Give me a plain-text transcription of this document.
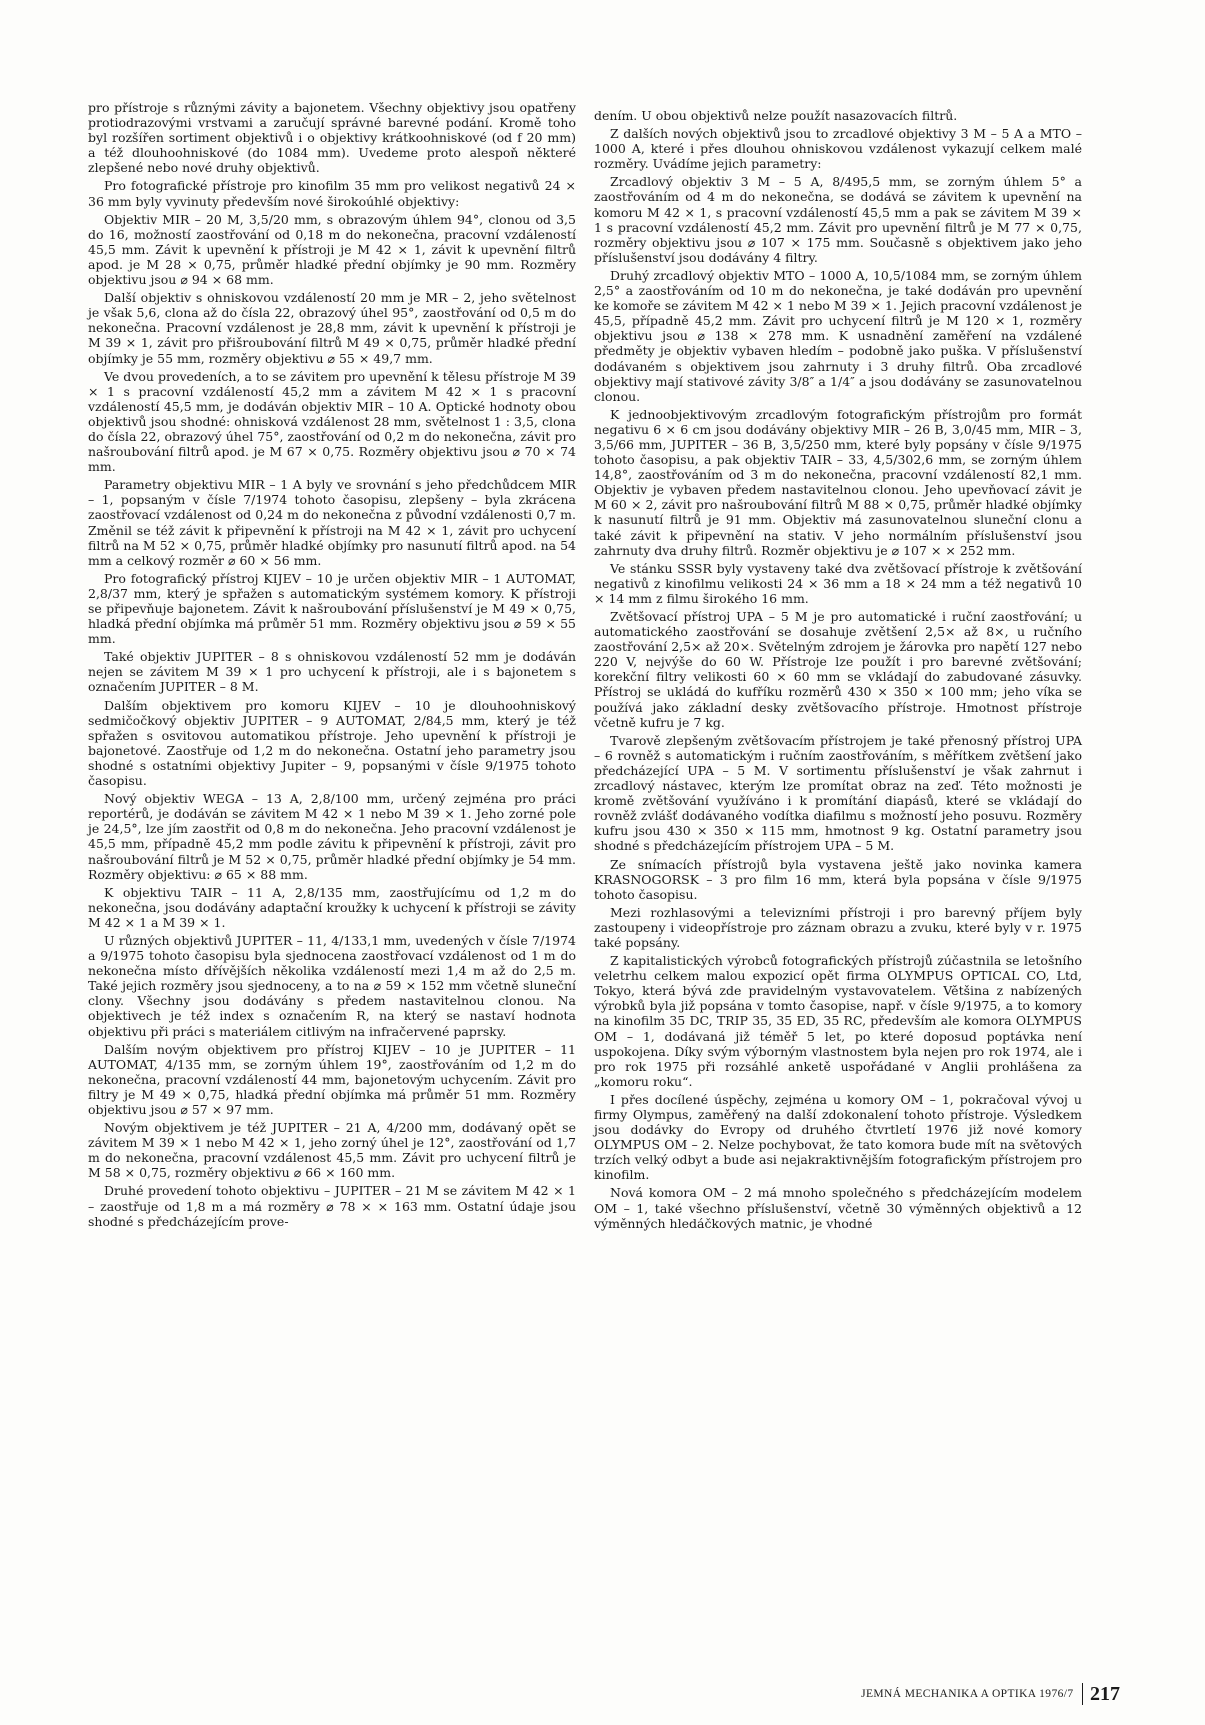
pro přístroje s různými závity a bajonetem. Všechny objektivy jsou opatřeny protiodrazovými vrstvami a zaručují správné barevné podání. Kromě toho byl rozšířen sortiment objektivů i o objektivy krátkoohniskové (od f 20 mm) a též dlouhoohniskové (do 1084 mm). Uvedeme proto alespoň některé zlepšené nebo nové druhy objektivů.

Pro fotografické přístroje pro kinofilm 35 mm pro velikost negativů 24 × 36 mm byly vyvinuty především nové širokoúhlé objektivy:

Objektiv MIR – 20 M, 3,5/20 mm, s obrazovým úhlem 94°, clonou od 3,5 do 16, možností zaostřování od 0,18 m do nekonečna, pracovní vzdáleností 45,5 mm. Závit k upevnění k přístroji je M 42 × 1, závit k upevnění filtrů apod. je M 28 × 0,75, průměr hladké přední objímky je 90 mm. Rozměry objektivu jsou ⌀ 94 × 68 mm.

Další objektiv s ohniskovou vzdáleností 20 mm je MR – 2, jeho světelnost je však 5,6, clona až do čísla 22, obrazový úhel 95°, zaostřování od 0,5 m do nekonečna. Pracovní vzdálenost je 28,8 mm, závit k upevnění k přístroji je M 39 × 1, závit pro přišroubování filtrů M 49 × 0,75, průměr hladké přední objímky je 55 mm, rozměry objektivu ⌀ 55 × 49,7 mm.

Ve dvou provedeních, a to se závitem pro upevnění k tělesu přístroje M 39 × 1 s pracovní vzdáleností 45,2 mm a závitem M 42 × 1 s pracovní vzdáleností 45,5 mm, je dodáván objektiv MIR – 10 A. Optické hodnoty obou objektivů jsou shodné: ohnisková vzdálenost 28 mm, světelnost 1 : 3,5, clona do čísla 22, obrazový úhel 75°, zaostřování od 0,2 m do nekonečna, závit pro našroubování filtrů apod. je M 67 × 0,75. Rozměry objektivu jsou ⌀ 70 × 74 mm.

Parametry objektivu MIR – 1 A byly ve srovnání s jeho předchůdcem MIR – 1, popsaným v čísle 7/1974 tohoto časopisu, zlepšeny – byla zkrácena zaostřovací vzdálenost od 0,24 m do nekonečna z původní vzdálenosti 0,7 m. Změnil se též závit k připevnění k přístroji na M 42 × 1, závit pro uchycení filtrů na M 52 × 0,75, průměr hladké objímky pro nasunutí filtrů apod. na 54 mm a celkový rozměr ⌀ 60 × 56 mm.

Pro fotografický přístroj KIJEV – 10 je určen objektiv MIR – 1 AUTOMAT, 2,8/37 mm, který je spřažen s automatickým systémem komory. K přístroji se připevňuje bajonetem. Závit k našroubování příslušenství je M 49 × 0,75, hladká přední objímka má průměr 51 mm. Rozměry objektivu jsou ⌀ 59 × 55 mm.

Také objektiv JUPITER – 8 s ohniskovou vzdáleností 52 mm je dodáván nejen se závitem M 39 × 1 pro uchycení k přístroji, ale i s bajonetem s označením JUPITER – 8 M.

Dalším objektivem pro komoru KIJEV – 10 je dlouhoohniskový sedmičočkový objektiv JUPITER – 9 AUTOMAT, 2/84,5 mm, který je též spřažen s osvitovou automatikou přístroje. Jeho upevnění k přístroji je bajonetové. Zaostřuje od 1,2 m do nekonečna. Ostatní jeho parametry jsou shodné s ostatními objektivy Jupiter – 9, popsanými v čísle 9/1975 tohoto časopisu.

Nový objektiv WEGA – 13 A, 2,8/100 mm, určený zejména pro práci reportérů, je dodáván se závitem M 42 × 1 nebo M 39 × 1. Jeho zorné pole je 24,5°, lze jím zaostřit od 0,8 m do nekonečna. Jeho pracovní vzdálenost je 45,5 mm, případně 45,2 mm podle závitu k připevnění k přístroji, závit pro našroubování filtrů je M 52 × 0,75, průměr hladké přední objímky je 54 mm. Rozměry objektivu: ⌀ 65 × 88 mm.

K objektivu TAIR – 11 A, 2,8/135 mm, zaostřujícímu od 1,2 m do nekonečna, jsou dodávány adaptační kroužky k uchycení k přístroji se závity M 42 × 1 a M 39 × 1.

U různých objektivů JUPITER – 11, 4/133,1 mm, uvedených v čísle 7/1974 a 9/1975 tohoto časopisu byla sjednocena zaostřovací vzdálenost od 1 m do nekonečna místo dřívějších několika vzdáleností mezi 1,4 m až do 2,5 m. Také jejich rozměry jsou sjednoceny, a to na ⌀ 59 × 152 mm včetně sluneční clony. Všechny jsou dodávány s předem nastavitelnou clonou. Na objektivech je též index s označením R, na který se nastaví hodnota objektivu při práci s materiálem citlivým na infračervené paprsky.

Dalším novým objektivem pro přístroj KIJEV – 10 je JUPITER – 11 AUTOMAT, 4/135 mm, se zorným úhlem 19°, zaostřováním od 1,2 m do nekonečna, pracovní vzdáleností 44 mm, bajonetovým uchycením. Závit pro filtry je M 49 × 0,75, hladká přední objímka má průměr 51 mm. Rozměry objektivu jsou ⌀ 57 × 97 mm.

Novým objektivem je též JUPITER – 21 A, 4/200 mm, dodávaný opět se závitem M 39 × 1 nebo M 42 × 1, jeho zorný úhel je 12°, zaostřování od 1,7 m do nekonečna, pracovní vzdálenost 45,5 mm. Závit pro uchycení filtrů je M 58 × 0,75, rozměry objektivu ⌀ 66 × 160 mm.

Druhé provedení tohoto objektivu – JUPITER – 21 M se závitem M 42 × 1 – zaostřuje od 1,8 m a má rozměry ⌀ 78 × × 163 mm. Ostatní údaje jsou shodné s předcházejícím prove-

dením. U obou objektivů nelze použít nasazovacích filtrů.

Z dalších nových objektivů jsou to zrcadlové objektivy 3 M – 5 A a MTO – 1000 A, které i přes dlouhou ohniskovou vzdálenost vykazují celkem malé rozměry. Uvádíme jejich parametry:

Zrcadlový objektiv 3 M – 5 A, 8/495,5 mm, se zorným úhlem 5° a zaostřováním od 4 m do nekonečna, se dodává se závitem k upevnění na komoru M 42 × 1, s pracovní vzdáleností 45,5 mm a pak se závitem M 39 × 1 s pracovní vzdáleností 45,2 mm. Závit pro upevnění filtrů je M 77 × 0,75, rozměry objektivu jsou ⌀ 107 × 175 mm. Současně s objektivem jako jeho příslušenství jsou dodávány 4 filtry.

Druhý zrcadlový objektiv MTO – 1000 A, 10,5/1084 mm, se zorným úhlem 2,5° a zaostřováním od 10 m do nekonečna, je také dodáván pro upevnění ke komoře se závitem M 42 × 1 nebo M 39 × 1. Jejich pracovní vzdálenost je 45,5, případně 45,2 mm. Závit pro uchycení filtrů je M 120 × 1, rozměry objektivu jsou ⌀ 138 × 278 mm. K usnadnění zaměření na vzdálené předměty je objektiv vybaven hledím – podobně jako puška. V příslušenství dodávaném s objektivem jsou zahrnuty i 3 druhy filtrů. Oba zrcadlové objektivy mají stativové závity 3/8″ a 1/4″ a jsou dodávány se zasunovatelnou clonou.

K jednoobjektivovým zrcadlovým fotografickým přístrojům pro formát negativu 6 × 6 cm jsou dodávány objektivy MIR – 26 B, 3,0/45 mm, MIR – 3, 3,5/66 mm, JUPITER – 36 B, 3,5/250 mm, které byly popsány v čísle 9/1975 tohoto časopisu, a pak objektiv TAIR – 33, 4,5/302,6 mm, se zorným úhlem 14,8°, zaostřováním od 3 m do nekonečna, pracovní vzdáleností 82,1 mm. Objektiv je vybaven předem nastavitelnou clonou. Jeho upevňovací závit je M 60 × 2, závit pro našroubování filtrů M 88 × 0,75, průměr hladké objímky k nasunutí filtrů je 91 mm. Objektiv má zasunovatelnou sluneční clonu a také závit k připevnění na stativ. V jeho normálním příslušenství jsou zahrnuty dva druhy filtrů. Rozměr objektivu je ⌀ 107 × × 252 mm.

Ve stánku SSSR byly vystaveny také dva zvětšovací přístroje k zvětšování negativů z kinofilmu velikosti 24 × 36 mm a 18 × 24 mm a též negativů 10 × 14 mm z filmu širokého 16 mm.

Zvětšovací přístroj UPA – 5 M je pro automatické i ruční zaostřování; u automatického zaostřování se dosahuje zvětšení 2,5× až 8×, u ručního zaostřování 2,5× až 20×. Světelným zdrojem je žárovka pro napětí 127 nebo 220 V, nejvýše do 60 W. Přístroje lze použít i pro barevné zvětšování; korekční filtry velikosti 60 × 60 mm se vkládají do zabudované zásuvky. Přístroj se ukládá do kufříku rozměrů 430 × 350 × 100 mm; jeho víka se používá jako základní desky zvětšovacího přístroje. Hmotnost přístroje včetně kufru je 7 kg.

Tvarově zlepšeným zvětšovacím přístrojem je také přenosný přístroj UPA – 6 rovněž s automatickým i ručním zaostřováním, s měřítkem zvětšení jako předcházející UPA – 5 M. V sortimentu příslušenství je však zahrnut i zrcadlový nástavec, kterým lze promítat obraz na zeď. Této možnosti je kromě zvětšování využíváno i k promítání diapásů, které se vkládají do rovněž zvlášť dodávaného vodítka diafilmu s možností jeho posuvu. Rozměry kufru jsou 430 × 350 × 115 mm, hmotnost 9 kg. Ostatní parametry jsou shodné s předcházejícím přístrojem UPA – 5 M.

Ze snímacích přístrojů byla vystavena ještě jako novinka kamera KRASNOGORSK – 3 pro film 16 mm, která byla popsána v čísle 9/1975 tohoto časopisu.

Mezi rozhlasovými a televizními přístroji i pro barevný příjem byly zastoupeny i videopřístroje pro záznam obrazu a zvuku, které byly v r. 1975 také popsány.

Z kapitalistických výrobců fotografických přístrojů zúčastnila se letošního veletrhu celkem malou expozicí opět firma OLYMPUS OPTICAL CO, Ltd, Tokyo, která bývá zde pravidelným vystavovatelem. Většina z nabízených výrobků byla již popsána v tomto časopise, např. v čísle 9/1975, a to komory na kinofilm 35 DC, TRIP 35, 35 ED, 35 RC, především ale komora OLYMPUS OM – 1, dodávaná již téměř 5 let, po které doposud poptávka není uspokojena. Díky svým výborným vlastnostem byla nejen pro rok 1974, ale i pro rok 1975 při rozsáhlé anketě uspořádané v Anglii prohlášena za „komoru roku“.

I přes docílené úspěchy, zejména u komory OM – 1, pokračoval vývoj u firmy Olympus, zaměřený na další zdokonalení tohoto přístroje. Výsledkem jsou dodávky do Evropy od druhého čtvrtletí 1976 již nové komory OLYMPUS OM – 2. Nelze pochybovat, že tato komora bude mít na světových trzích velký odbyt a bude asi nejakraktivnějším fotografickým přístrojem pro kinofilm.

Nová komora OM – 2 má mnoho společného s předcházejícím modelem OM – 1, také všechno příslušenství, včetně 30 výměnných objektivů a 12 výměnných hledáčkových matnic, je vhodné

JEMNÁ MECHANIKA A OPTIKA 1976/7 217
